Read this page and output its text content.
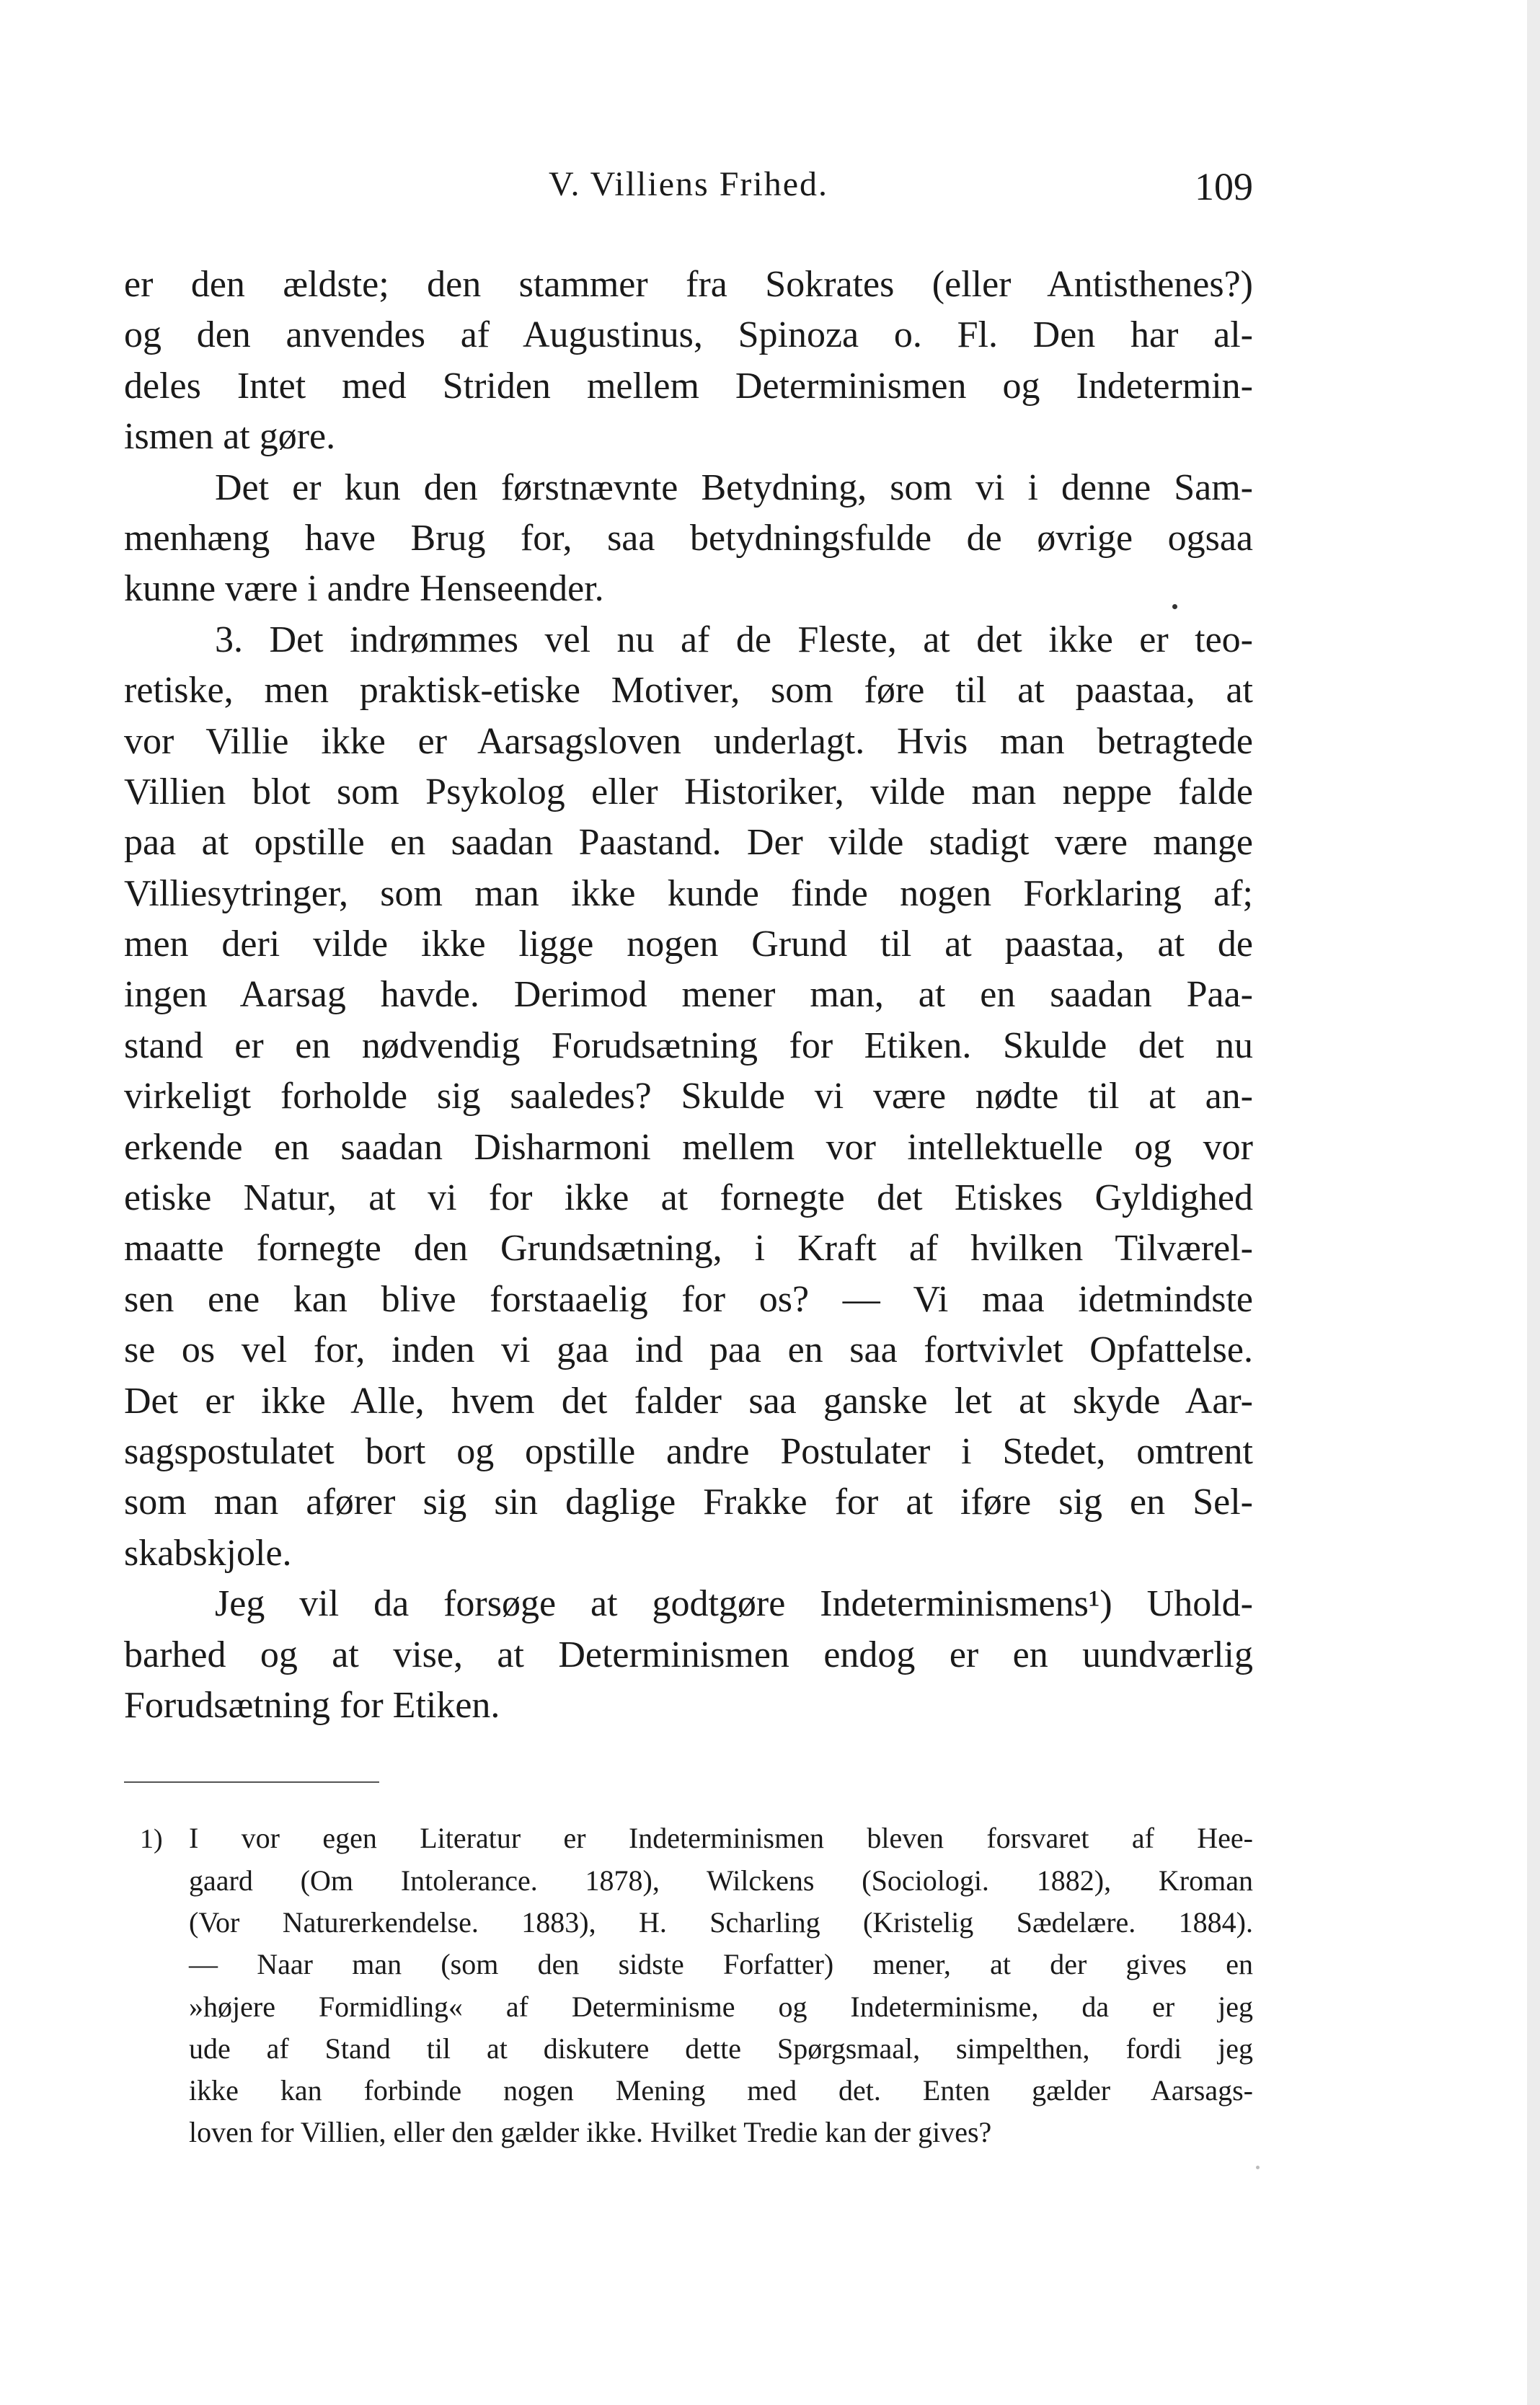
V. Villiens Frihed.	109
er den ældste; den stammer fra Sokrates (eller Antisthenes?)
og den anvendes af Augustinus, Spinoza o. Fl. Den har al-
deles Intet med Striden mellem Determinismen og Indetermin-
ismen at gøre.
Det er kun den førstnævnte Betydning, som vi i denne Sam-
menhæng have Brug for, saa betydningsfulde de øvrige ogsaa
kunne være i andre Henseender.
3. Det indrømmes vel nu af de Fleste, at det ikke er teo-
retiske, men praktisk-etiske Motiver, som føre til at paastaa, at
vor Villie ikke er Aarsagsloven underlagt. Hvis man betragtede
Villien blot som Psykolog eller Historiker, vilde man neppe falde
paa at opstille en saadan Paastand. Der vilde stadigt være mange
Villiesytringer, som man ikke kunde finde nogen Forklaring af;
men deri vilde ikke ligge nogen Grund til at paastaa, at de
ingen Aarsag havde. Derimod mener man, at en saadan Paa-
stand er en nødvendig Forudsætning for Etiken. Skulde det nu
virkeligt forholde sig saaledes? Skulde vi være nødte til at an-
erkende en saadan Disharmoni mellem vor intellektuelle og vor
etiske Natur, at vi for ikke at fornegte det Etiskes Gyldighed
maatte fornegte den Grundsætning, i Kraft af hvilken Tilværel-
sen ene kan blive forstaaelig for os? — Vi maa idetmindste
se os vel for, inden vi gaa ind paa en saa fortvivlet Opfattelse.
Det er ikke Alle, hvem det falder saa ganske let at skyde Aar-
sagspostulatet bort og opstille andre Postulater i Stedet, omtrent
som man afører sig sin daglige Frakke for at iføre sig en Sel-
skabskjole.
Jeg vil da forsøge at godtgøre Indeterminismens¹) Uhold-
barhed og at vise, at Determinismen endog er en uundværlig
Forudsætning for Etiken.
1) I vor egen Literatur er Indeterminismen bleven forsvaret af Hee-
gaard (Om Intolerance. 1878), Wilckens (Sociologi. 1882), Kroman
(Vor Naturerkendelse. 1883), H. Scharling (Kristelig Sædelære. 1884).
— Naar man (som den sidste Forfatter) mener, at der gives en
»højere Formidling« af Determinisme og Indeterminisme, da er jeg
ude af Stand til at diskutere dette Spørgsmaal, simpelthen, fordi jeg
ikke kan forbinde nogen Mening med det. Enten gælder Aarsags-
loven for Villien, eller den gælder ikke. Hvilket Tredie kan der gives?
